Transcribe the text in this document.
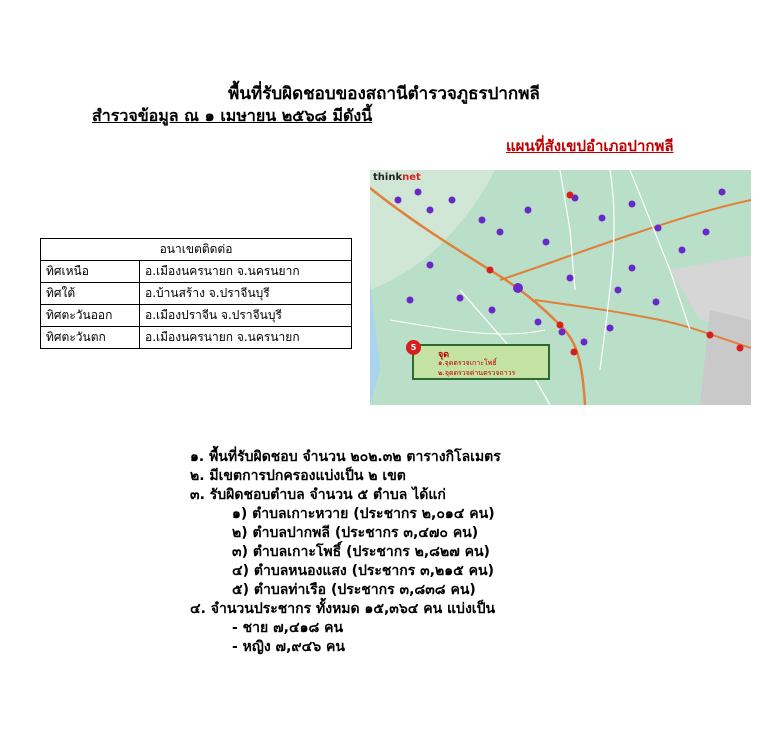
พื้นที่รับผิดชอบของสถานีตำรวจภูธรปากพลี

สำรวจข้อมูล ณ ๑ เมษายน ๒๕๖๘ มีดังนี้

แผนที่สังเขปอำเภอปากพลี

อนาเขตติดต่อ	
ทิศเหนือ	อ.เมืองนครนายก จ.นครนยาก
ทิศใต้	อ.บ้านสร้าง จ.ปราจีนบุรี
ทิศตะวันออก	อ.เมืองปราจีน จ.ปราจีนบุรี
ทิศตะวันตก	อ.เมืองนครนายก จ.นครนายก
thinknet
5
จุด
๑.จุดตรวจเกาะโพธิ์
๒.จุดตรวจด่านตรวจถาวร
๑. พื้นที่รับผิดชอบ จำนวน ๒๐๒.๓๒ ตารางกิโลเมตร
๒. มีเขตการปกครองแบ่งเป็น ๒ เขต
๓. รับผิดชอบตำบล จำนวน ๕ ตำบล ได้แก่
๑) ตำบลเกาะหวาย (ประชากร ๒,๐๑๔ คน)
๒) ตำบลปากพลี (ประชากร ๓,๔๗๐ คน)
๓) ตำบลเกาะโพธิ์ (ประชากร ๒,๘๒๗ คน)
๔) ตำบลหนองแสง (ประชากร ๓,๒๑๕ คน)
๕) ตำบลท่าเรือ (ประชากร ๓,๘๓๘ คน)
๔. จำนวนประชากร ทั้งหมด ๑๕,๓๖๔ คน แบ่งเป็น
- ชาย ๗,๔๑๘ คน
- หญิง ๗,๙๔๖ คน
